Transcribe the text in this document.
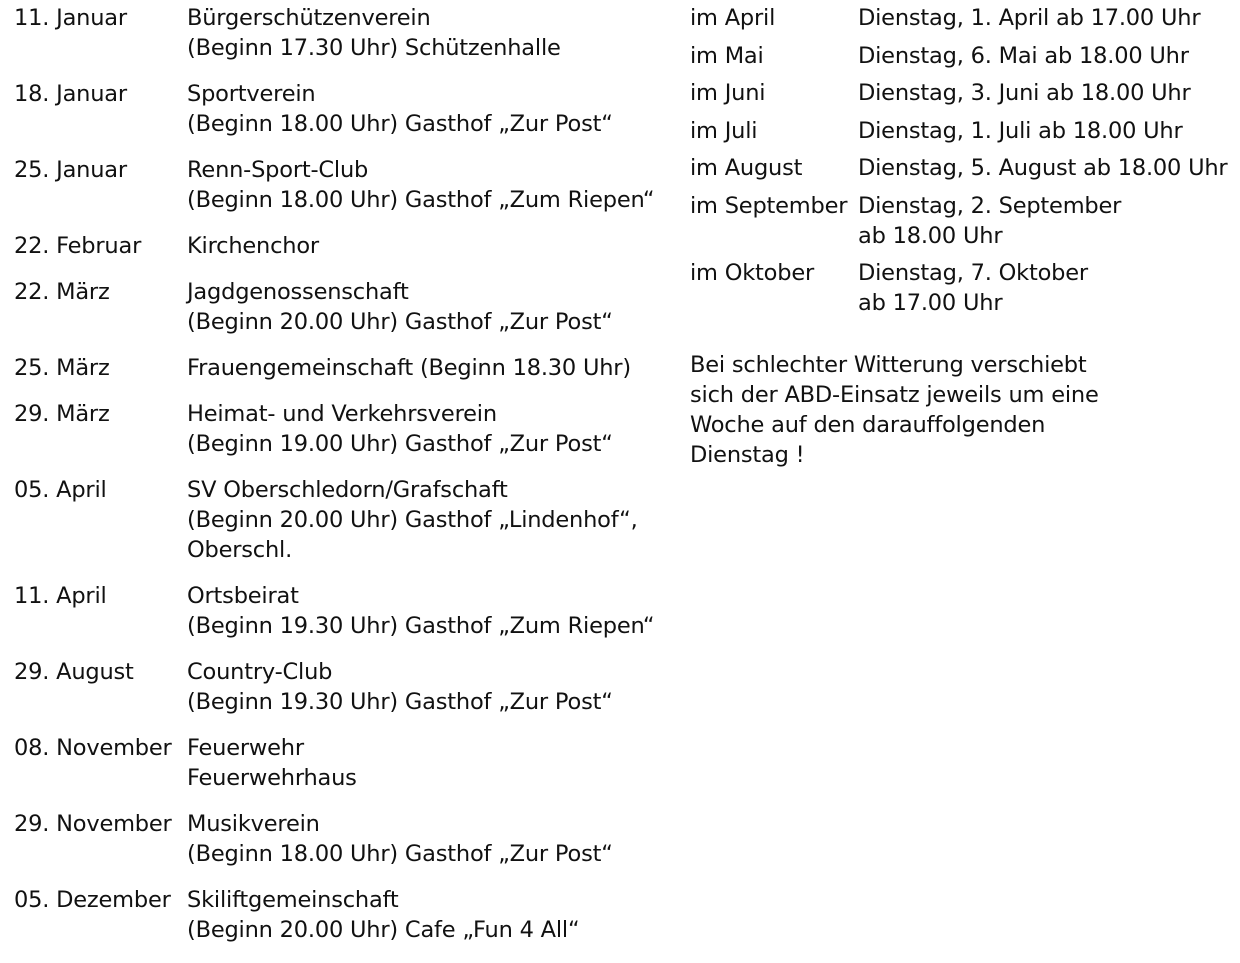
11. Januar	Bürgerschützenverein
(Beginn 17.30 Uhr) Schützenhalle
18. Januar	Sportverein
(Beginn 18.00 Uhr) Gasthof „Zur Post“
25. Januar	Renn-Sport-Club
(Beginn 18.00 Uhr) Gasthof „Zum Riepen“
22. Februar	Kirchenchor
22. März	Jagdgenossenschaft
(Beginn 20.00 Uhr) Gasthof „Zur Post“
25. März	Frauengemeinschaft (Beginn 18.30 Uhr)
29. März	Heimat- und Verkehrsverein
(Beginn 19.00 Uhr) Gasthof „Zur Post“
05. April	SV Oberschledorn/Grafschaft
(Beginn 20.00 Uhr) Gasthof „Lindenhof“,
Oberschl.
11. April	Ortsbeirat
(Beginn 19.30 Uhr) Gasthof „Zum Riepen“
29. August	Country-Club
(Beginn 19.30 Uhr) Gasthof „Zur Post“
08. November Feuerwehr
Feuerwehrhaus
29. November Musikverein
(Beginn 18.00 Uhr) Gasthof „Zur Post“
05. Dezember Skiliftgemeinschaft
(Beginn 20.00 Uhr) Cafe „Fun 4 All“
im April	Dienstag, 1. April ab 17.00 Uhr
im Mai	Dienstag, 6. Mai ab 18.00 Uhr
im Juni	Dienstag, 3. Juni ab 18.00 Uhr
im Juli	Dienstag, 1. Juli ab 18.00 Uhr
im August	Dienstag, 5. August ab 18.00 Uhr
im September Dienstag, 2. September
ab 18.00 Uhr
im Oktober	Dienstag, 7. Oktober
ab 17.00 Uhr
Bei schlechter Witterung verschiebt
sich der ABD-Einsatz jeweils um eine
Woche auf den darauffolgenden
Dienstag !
